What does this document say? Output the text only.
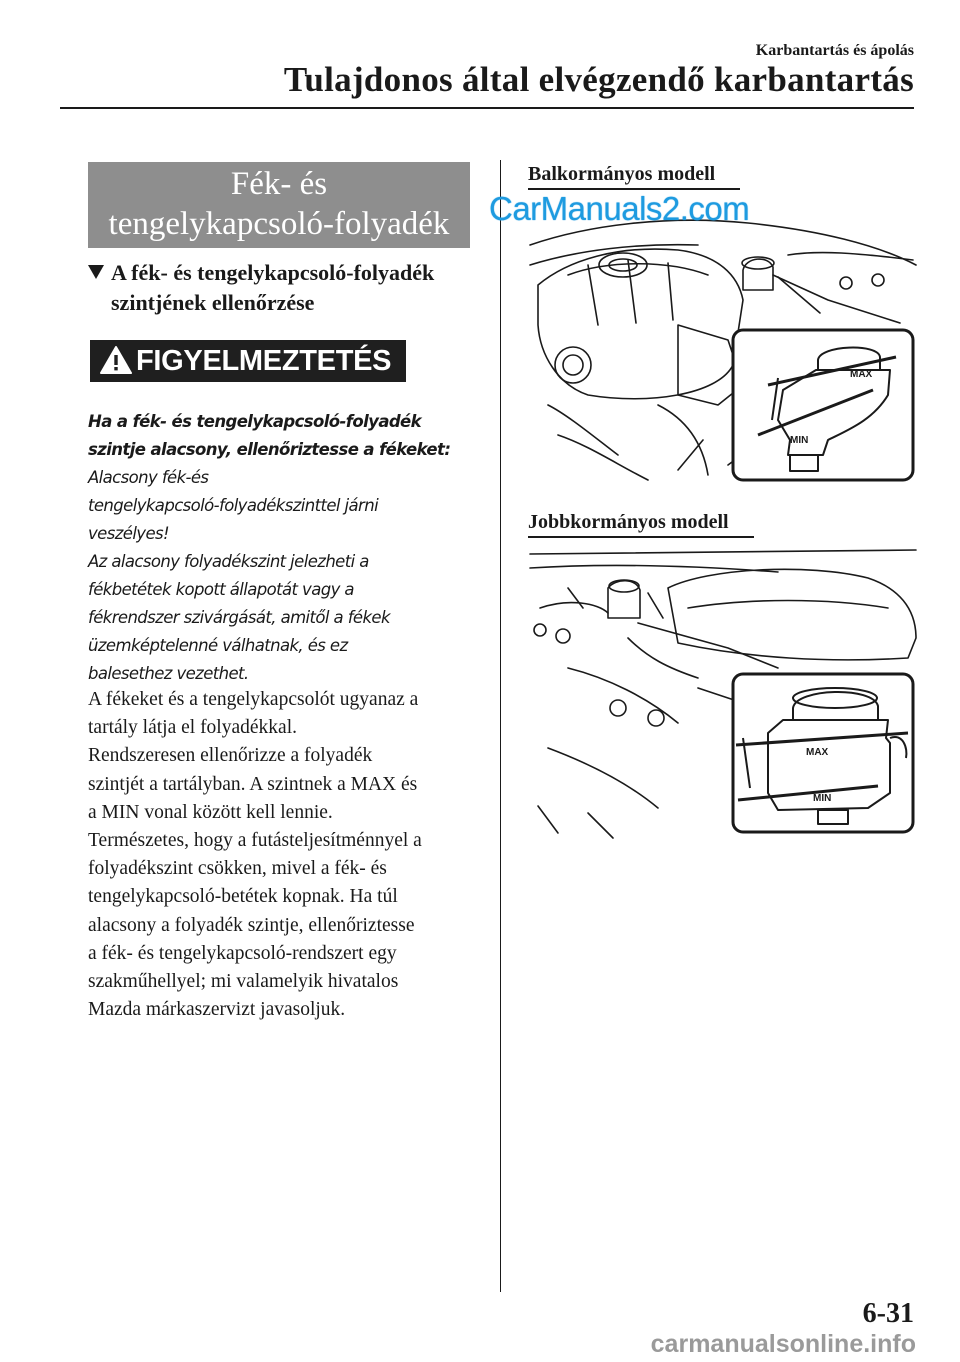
Karbantartás és ápolás
Tulajdonos által elvégzendő karbantartás
Fék- és
tengelykapcsoló-folyadék
A fék- és tengelykapcsoló-folyadék
szintjének ellenőrzése
FIGYELMEZTETÉS
Ha a fék- és tengelykapcsoló-folyadék
szintje alacsony, ellenőriztesse a fékeket:
Alacsony fék-és
tengelykapcsoló-folyadékszinttel járni
veszélyes!
Az alacsony folyadékszint jelezheti a
fékbetétek kopott állapotát vagy a
fékrendszer szivárgását, amitől a fékek
üzemképtelenné válhatnak, és ez
balesethez vezethet.

A fékeket és a tengelykapcsolót ugyanaz a

tartály látja el folyadékkal.

Rendszeresen ellenőrizze a folyadék

szintjét a tartályban. A szintnek a MAX és

a MIN vonal között kell lennie.

Természetes, hogy a futásteljesítménnyel a

folyadékszint csökken, mivel a fék- és

tengelykapcsoló-betétek kopnak. Ha túl

alacsony a folyadék szintje, ellenőriztesse

a fék- és tengelykapcsoló-rendszert egy

szakműhellyel; mi valamelyik hivatalos

Mazda márkaszervizt javasoljuk.

Balkormányos modell
Jobbkormányos modell
MAX
MIN
MAX
MIN
CarManuals2.com
6-31
carmanualsonline.info
